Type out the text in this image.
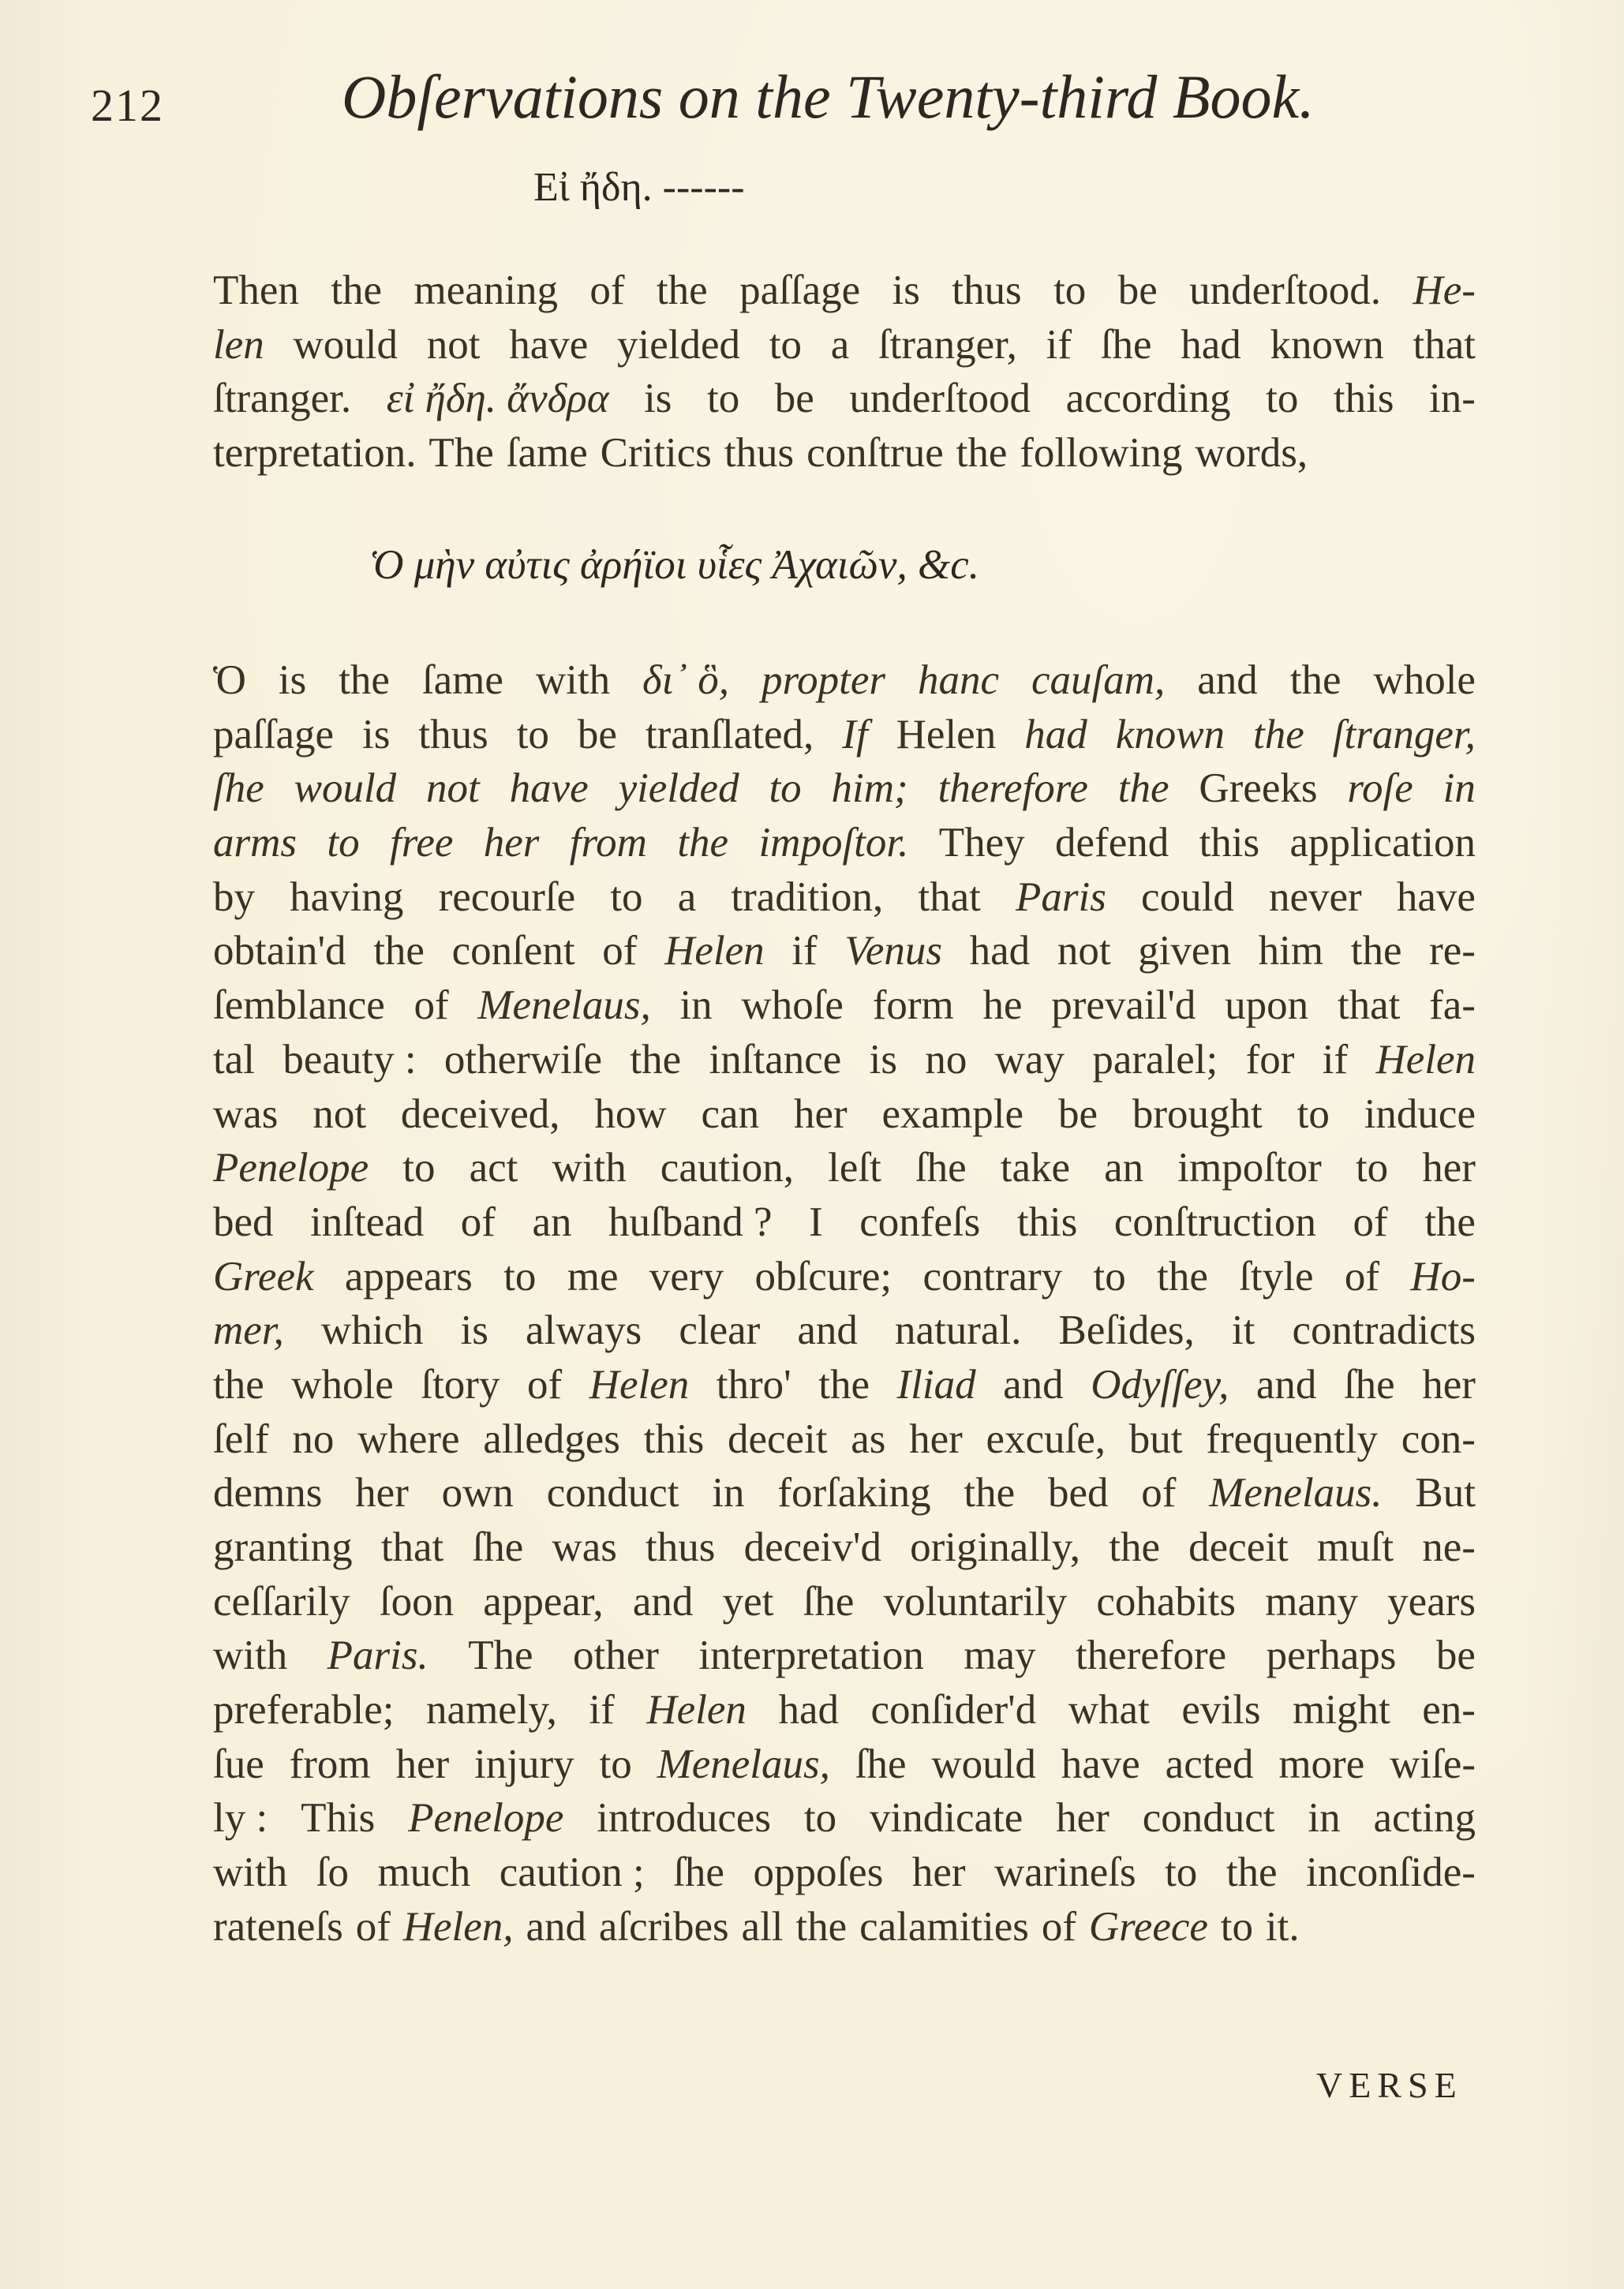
212	Obſervations on the Twenty-third Book.
Εἰ ἤδη. ------
Then the meaning of the paſſage is thus to be underſtood. He-
len would not have yielded to a ſtranger, if ſhe had known that
ſtranger. εἰ ἤδη. ἄνδρα is to be underſtood according to this in-
terpretation. The ſame Critics thus conſtrue the following words,
Ὁ μὴν αὐτις ἀρήϊοι υἷες Ἀχαιῶν, &c.
Ὁ is the ſame with δι᾽ ὃ, propter hanc cauſam, and the whole
paſſage is thus to be tranſlated, If Helen had known the ſtranger,
ſhe would not have yielded to him; therefore the Greeks roſe in
arms to free her from the impoſtor. They defend this application
by having recourſe to a tradition, that Paris could never have
obtain'd the conſent of Helen if Venus had not given him the re-
ſemblance of Menelaus, in whoſe form he prevail'd upon that fa-
tal beauty : otherwiſe the inſtance is no way paralel; for if Helen
was not deceived, how can her example be brought to induce
Penelope to act with caution, leſt ſhe take an impoſtor to her
bed inſtead of an huſband ? I confeſs this conſtruction of the
Greek appears to me very obſcure; contrary to the ſtyle of Ho-
mer, which is always clear and natural. Beſides, it contradicts
the whole ſtory of Helen thro' the Iliad and Odyſſey, and ſhe her
ſelf no where alledges this deceit as her excuſe, but frequently con-
demns her own conduct in forſaking the bed of Menelaus. But
granting that ſhe was thus deceiv'd originally, the deceit muſt ne-
ceſſarily ſoon appear, and yet ſhe voluntarily cohabits many years
with Paris. The other interpretation may therefore perhaps be
preferable; namely, if Helen had conſider'd what evils might en-
ſue from her injury to Menelaus, ſhe would have acted more wiſe-
ly : This Penelope introduces to vindicate her conduct in acting
with ſo much caution ; ſhe oppoſes her warineſs to the inconſide-
rateneſs of Helen, and aſcribes all the calamities of Greece to it.
VERSE
